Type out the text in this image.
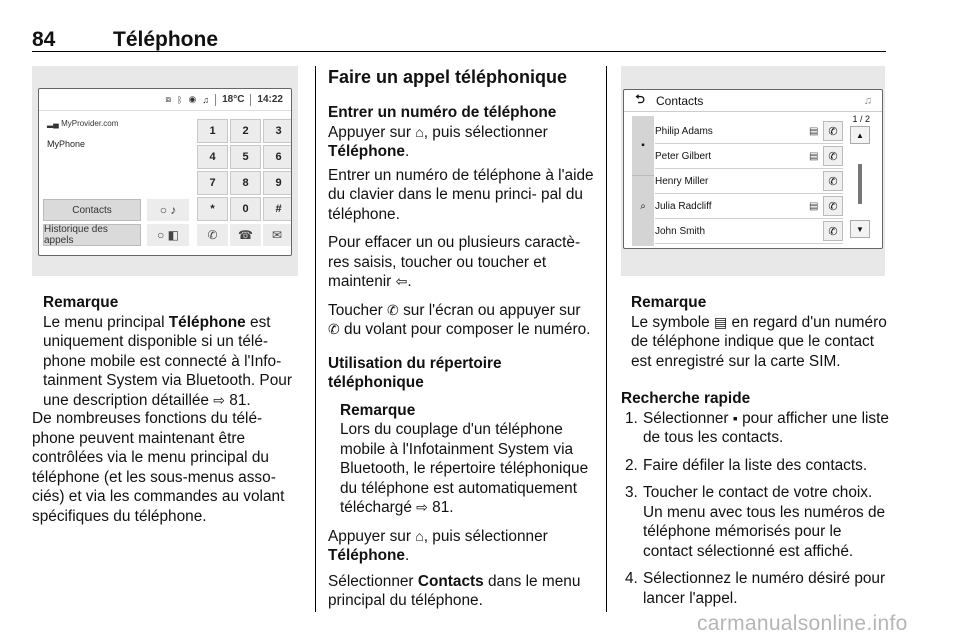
84	Téléphone
⧈ ᛒ ◉ ♫ 18°C 14:22
▂▄ MyProvider.com
MyPhone
Contacts
Historique des appels
○ ♪
○ ◧	✆	☎	✉
1	2	3
4	5	6
7	8	9
*	0	#
⮌ Contacts	♫
▪
⌕
1 / 2
▲
▼
Philip Adams	▤ ✆
Peter Gilbert	▤ ✆
Henry Miller	✆
Julia Radcliff	▤ ✆
John Smith	✆
Remarque

Le menu principal Téléphone est uniquement disponible si un télé- phone mobile est connecté à l'Info- tainment System via Bluetooth. Pour une description détaillée ⇨ 81.

De nombreuses fonctions du télé- phone peuvent maintenant être contrôlées via le menu principal du téléphone (et les sous-menus asso- ciés) et via les commandes au volant spécifiques du téléphone.

Faire un appel téléphonique
Entrer un numéro de téléphone

Appuyer sur ⌂, puis sélectionner Téléphone.

Entrer un numéro de téléphone à l'aide du clavier dans le menu princi- pal du téléphone.

Pour effacer un ou plusieurs caractè- res saisis, toucher ou toucher et maintenir ⇦.

Toucher ✆ sur l'écran ou appuyer sur ✆ du volant pour composer le numéro.

Utilisation du répertoire téléphonique
Remarque

Lors du couplage d'un téléphone mobile à l'Infotainment System via Bluetooth, le répertoire téléphonique du téléphone est automatiquement téléchargé ⇨ 81.

Appuyer sur ⌂, puis sélectionner Téléphone.

Sélectionner Contacts dans le menu principal du téléphone.

Remarque

Le symbole ▤ en regard d'un numéro de téléphone indique que le contact est enregistré sur la carte SIM.

Recherche rapide
1. Sélectionner ▪ pour afficher une liste de tous les contacts.
2. Faire défiler la liste des contacts.
3. Toucher le contact de votre choix. Un menu avec tous les numéros de téléphone mémorisés pour le contact sélectionné est affiché.
4. Sélectionnez le numéro désiré pour lancer l'appel.
carmanualsonline.info
